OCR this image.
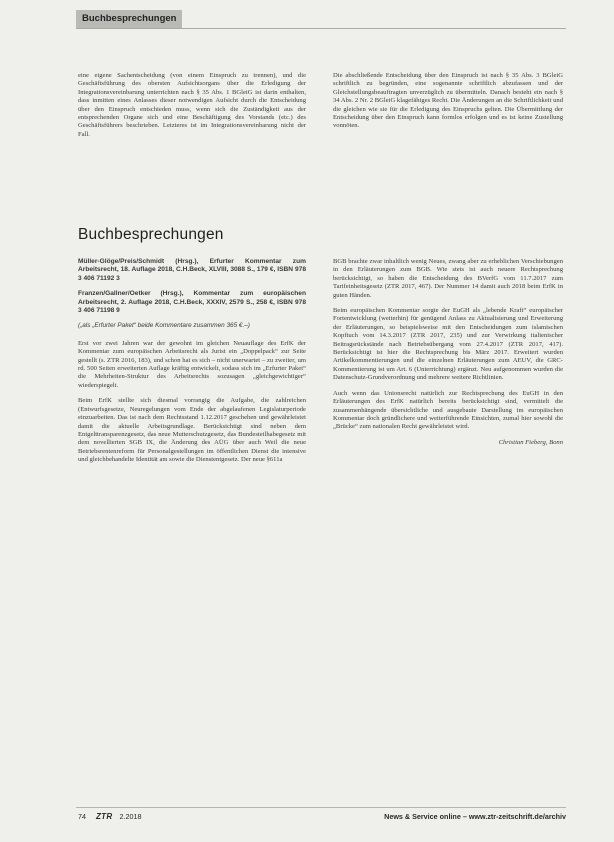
Buchbesprechungen

eine eigene Sachentscheidung (von einem Einspruch zu trennen), und die Geschäftsführung des obersten Aufsichtsorgans über die Erledigung der Integrationsvereinbarung unterrichten nach § 35 Abs. 1 BGleiG ist darin enthalten, dass inmitten eines Anlasses dieser notwendigen Aufsicht durch die Entscheidung über den Einspruch entschieden muss, wenn sich die Zuständigkeit aus der entsprechenden Organe sich und eine Beschäftigung des Vorstands (etc.) des Geschäftsführers beschrieben. Letzteres ist im Integrationsvereinbarung nicht der Fall.

Die abschließende Entscheidung über den Einspruch ist nach § 35 Abs. 3 BGleiG schriftlich zu begründen, eine sogenannte schriftlich abzufassen und der Gleichstellungsbeauftragten unverzüglich zu übermitteln. Danach besteht ein nach § 34 Abs. 2 Nr. 2 BGleiG klagefähiges Recht. Die Änderungen an die Schriftlichkeit und die gleichen wie sie für die Erledigung des Einspruchs gelten. Die Übermittlung der Entscheidung über den Einspruch kann formlos erfolgen und es ist keine Zustellung vonnöten.

Buchbesprechungen
Müller-Glöge/Preis/Schmidt (Hrsg.), Erfurter Kommentar zum Arbeitsrecht, 18. Auflage 2018, C.H.Beck, XLVIII, 3088 S., 179 €, ISBN 978 3 406 71192 3
Franzen/Gallner/Oetker (Hrsg.), Kommentar zum europäischen Arbeitsrecht, 2. Auflage 2018, C.H.Beck, XXXIV, 2579 S., 258 €, ISBN 978 3 406 71198 9
(„als „Erfurter Paket“ beide Kommentare zusammen 365 €.–)

Erst vor zwei Jahren war der gewohnt im gleichen Neuauflage des ErfK der Kommentar zum europäischen Arbeitsrecht als Jurist ein „Doppelpack“ zur Seite gestellt (s. ZTR 2016, 183), und schon hat es sich – nicht unerwartet – zu zweiter, um rd. 500 Seiten erweiterten Auflage kräftig entwickelt, sodass sich im „Erfurter Paket“ die Mehrheiten-Struktur des Arbeitsrechts sozusagen „gleichgewichtiger“ wiederspiegelt.

Beim ErfK stellte sich diesmal vorrangig die Aufgabe, die zahlreichen (Entwurfsgesetze, Neuregelungen vom Ende der abgelaufenen Legislaturperiode einzuarbeiten. Das ist nach dem Rechtsstand 1.12.2017 geschehen und gewährleistet damit die aktuelle Arbeitsgrundlage. Berücksichtigt sind neben dem Entgelttransparenzgesetz, das neue Mutterschutzgesetz, das Bundesteilhabegesetz mit dem novellierten SGB IX, die Änderung des AÜG über auch Weil die neue Betriebsrentenreform für Personalgestellungen im öffentlichen Dienst die intensive und gleichbehandelte Identität am sowie die Dienstentgesetz. Der neue §611a

BGB brachte zwar inhaltlich wenig Neues, zwang aber zu erheblichen Verschiebungen in den Erläuterungen zum BGB. Wie stets ist auch neuere Rechtsprechung berücksichtigt, so haben die Entscheidung des BVerfG vom 11.7.2017 zum Tarifeinheitsgesetz (ZTR 2017, 467). Der Nummer 14 damit auch 2018 beim ErfK in guten Händen.

Beim europäischen Kommentar sorgte der EuGH als „lebende Kraft“ europäischer Fortentwicklung (weiterhin) für genügend Anlass zu Aktualisierung und Erweiterung der Erläuterungen, so beispielsweise mit den Entscheidungen zum islamischen Kopftuch vom 14.3.2017 (ZTR 2017, 235) und zur Verwirkung italienischer Beitragsrückstände nach Betriebsübergang vom 27.4.2017 (ZTR 2017, 417). Berücksichtigt ist hier die Rechtsprechung bis März 2017. Erweitert wurden Artikelkommentierungen und die einzelnen Erläuterungen zum AEUV, die GRC-Kommentierung ist um Art. 6 (Unterrichtung) ergänzt. Neu aufgenommen wurden die Datenschutz-Grundverordnung und mehrere weitere Richtlinien.

Auch wenn das Unionsrecht natürlich zur Rechtsprechung des EuGH in den Erläuterungen des ErfK natürlich bereits berücksichtigt sind, vermittelt die zusammenhängende übersichtliche und ausgebaute Darstellung im europäischen Kommentar doch gründlichere und weiterführende Einsichten, zumal hier sowohl die „Brücke“ zum nationalen Recht gewährleistet wird.

Christian Fieberg, Bonn
74 ZTR 2.2018	News & Service online – www.ztr-zeitschrift.de/archiv
